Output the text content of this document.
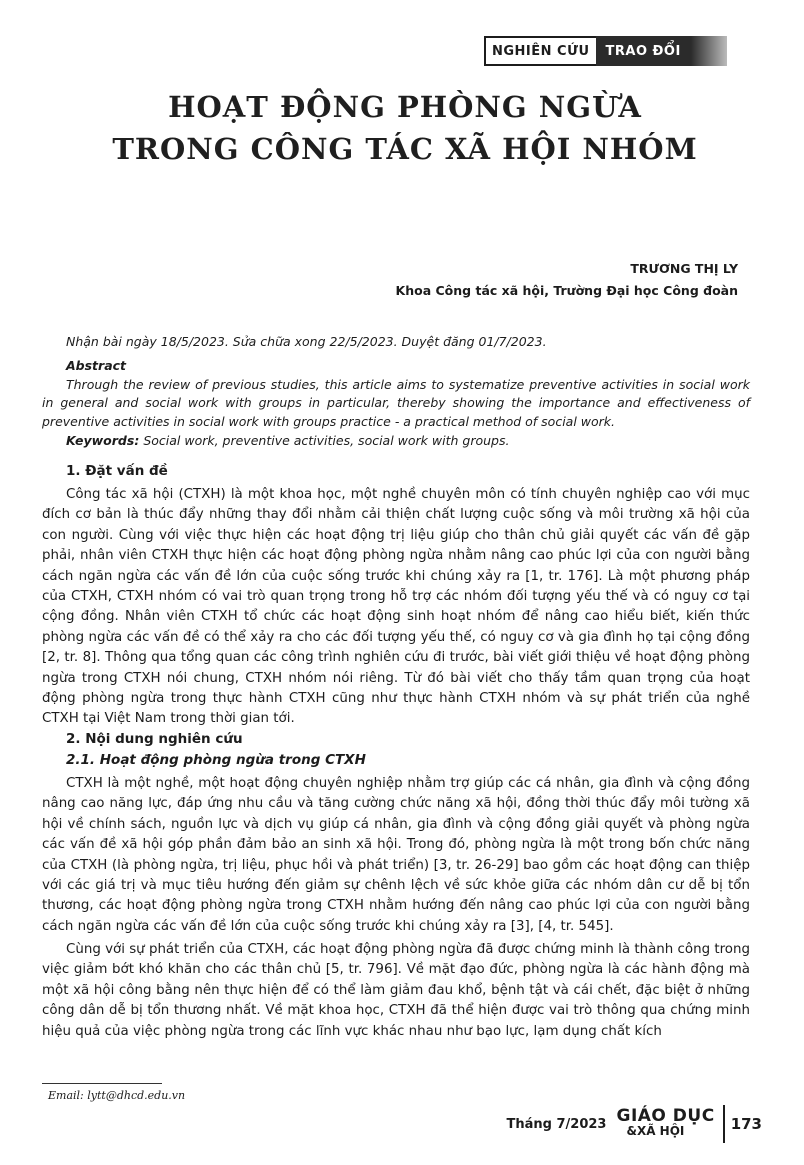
NGHIÊN CỨU	TRAO ĐỔI
HOẠT ĐỘNG PHÒNG NGỪA
TRONG CÔNG TÁC XÃ HỘI NHÓM
TRƯƠNG THỊ LY
Khoa Công tác xã hội, Trường Đại học Công đoàn
Nhận bài ngày 18/5/2023. Sửa chữa xong 22/5/2023. Duyệt đăng 01/7/2023.
Abstract
Through the review of previous studies, this article aims to systematize preventive activities in social work in general and social work with groups in particular, thereby showing the importance and effectiveness of preventive activities in social work with groups practice - a practical method of social work.
Keywords: Social work, preventive activities, social work with groups.
1. Đặt vấn đề
Công tác xã hội (CTXH) là một khoa học, một nghề chuyên môn có tính chuyên nghiệp cao với mục đích cơ bản là thúc đẩy những thay đổi nhằm cải thiện chất lượng cuộc sống và môi trường xã hội của con người. Cùng với việc thực hiện các hoạt động trị liệu giúp cho thân chủ giải quyết các vấn đề gặp phải, nhân viên CTXH thực hiện các hoạt động phòng ngừa nhằm nâng cao phúc lợi của con người bằng cách ngăn ngừa các vấn đề lớn của cuộc sống trước khi chúng xảy ra [1, tr. 176]. Là một phương pháp của CTXH, CTXH nhóm có vai trò quan trọng trong hỗ trợ các nhóm đối tượng yếu thế và có nguy cơ tại cộng đồng. Nhân viên CTXH tổ chức các hoạt động sinh hoạt nhóm để nâng cao hiểu biết, kiến thức phòng ngừa các vấn đề có thể xảy ra cho các đối tượng yếu thế, có nguy cơ và gia đình họ tại cộng đồng [2, tr. 8]. Thông qua tổng quan các công trình nghiên cứu đi trước, bài viết giới thiệu về hoạt động phòng ngừa trong CTXH nói chung, CTXH nhóm nói riêng. Từ đó bài viết cho thấy tầm quan trọng của hoạt động phòng ngừa trong thực hành CTXH cũng như thực hành CTXH nhóm và sự phát triển của nghề CTXH tại Việt Nam trong thời gian tới.
2. Nội dung nghiên cứu
2.1. Hoạt động phòng ngừa trong CTXH
CTXH là một nghề, một hoạt động chuyên nghiệp nhằm trợ giúp các cá nhân, gia đình và cộng đồng nâng cao năng lực, đáp ứng nhu cầu và tăng cường chức năng xã hội, đồng thời thúc đẩy môi tường xã hội về chính sách, nguồn lực và dịch vụ giúp cá nhân, gia đình và cộng đồng giải quyết và phòng ngừa các vấn đề xã hội góp phần đảm bảo an sinh xã hội. Trong đó, phòng ngừa là một trong bốn chức năng của CTXH (là phòng ngừa, trị liệu, phục hồi và phát triển) [3, tr. 26-29] bao gồm các hoạt động can thiệp với các giá trị và mục tiêu hướng đến giảm sự chênh lệch về sức khỏe giữa các nhóm dân cư dễ bị tổn thương, các hoạt động phòng ngừa trong CTXH nhằm hướng đến nâng cao phúc lợi của con người bằng cách ngăn ngừa các vấn đề lớn của cuộc sống trước khi chúng xảy ra [3], [4, tr. 545].
Cùng với sự phát triển của CTXH, các hoạt động phòng ngừa đã được chứng minh là thành công trong việc giảm bớt khó khăn cho các thân chủ [5, tr. 796]. Về mặt đạo đức, phòng ngừa là các hành động mà một xã hội công bằng nên thực hiện để có thể làm giảm đau khổ, bệnh tật và cái chết, đặc biệt ở những công dân dễ bị tổn thương nhất. Về mặt khoa học, CTXH đã thể hiện được vai trò thông qua chứng minh hiệu quả của việc phòng ngừa trong các lĩnh vực khác nhau như bạo lực, lạm dụng chất kích
Email: lytt@dhcd.edu.vn
Tháng 7/2023 GIÁO DỤC
&XÃ HỘI	173
